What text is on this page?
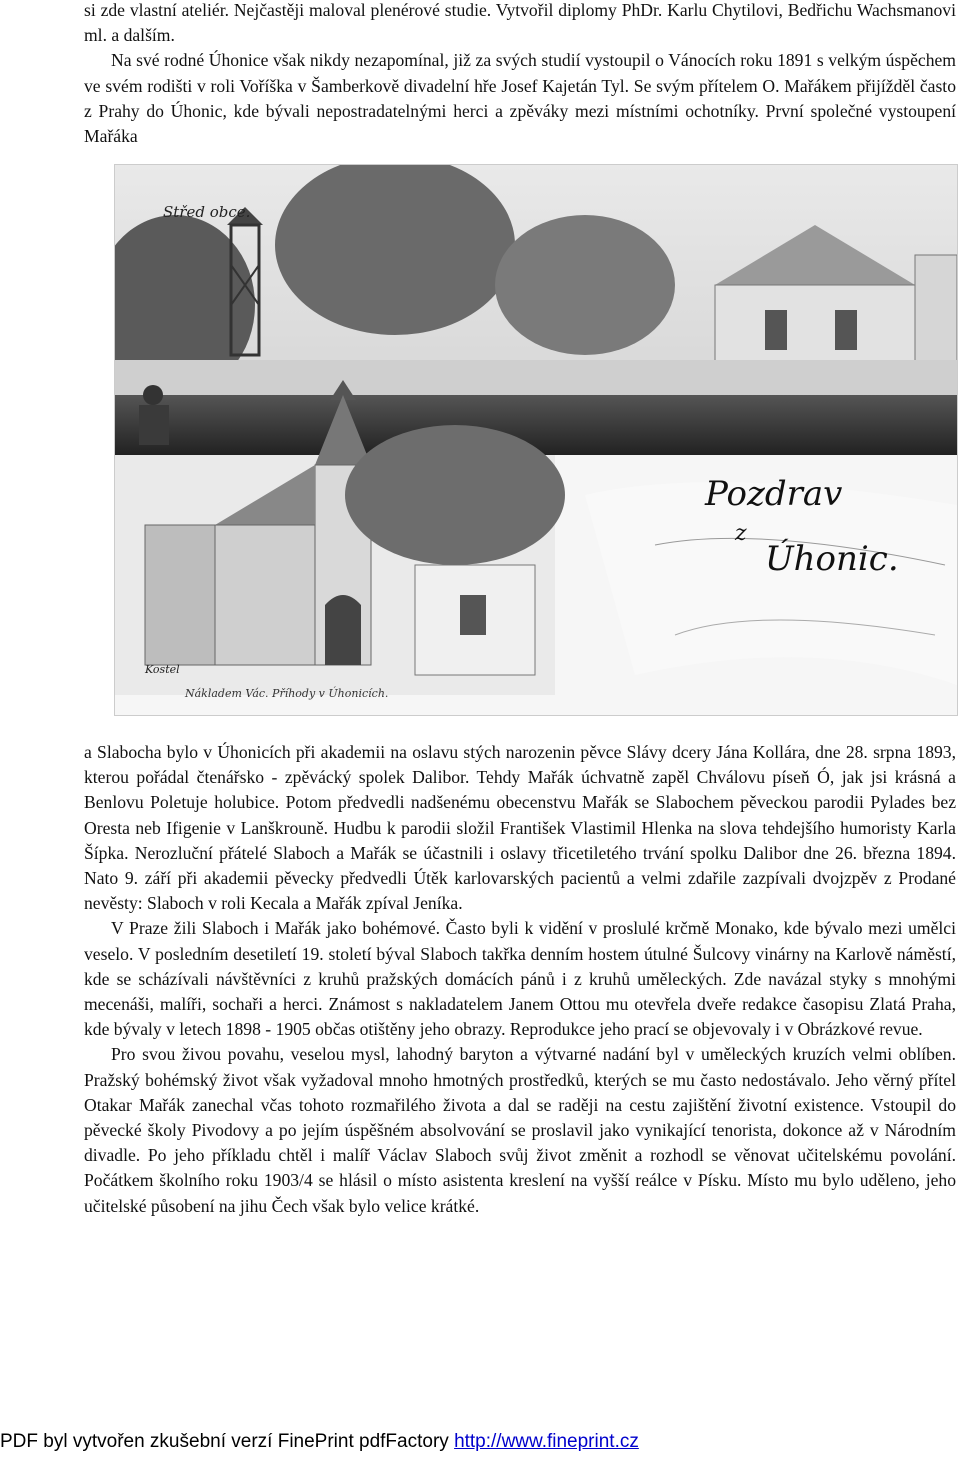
si zde vlastní ateliér. Nejčastěji maloval plenérové studie. Vytvořil diplomy PhDr. Karlu Chytilovi, Bedřichu Wachsmanovi ml. a dalším.

Na své rodné Úhonice však nikdy nezapomínal, již za svých studií vystoupil o Vánocích roku 1891 s velkým úspěchem ve svém rodišti v roli Voříška v Šamberkově divadelní hře Josef Kajetán Tyl. Se svým přítelem O. Mařákem přijížděl často z Prahy do Úhonic, kde bývali nepostradatelnými herci a zpěváky mezi místními ochotníky. První společné vystoupení Mařáka

a Slabocha bylo v Úhonicích při akademii na oslavu stých narozenin pěvce Slávy dcery Jána Kollára, dne 28. srpna 1893, kterou pořádal čtenářsko - zpěvácký spolek Dalibor. Tehdy Mařák úchvatně zapěl Chválovu píseň Ó, jak jsi krásná a Benlovu Poletuje holubice. Potom předvedli nadšenému obecenstvu Mařák se Slabochem pěveckou parodii Pylades bez Oresta neb Ifigenie v Lanškrouně. Hudbu k parodii složil František Vlastimil Hlenka na slova tehdejšího humoristy Karla Šípka. Nerozluční přátelé Slaboch a Mařák se účastnili i oslavy třicetiletého trvání spolku Dalibor dne 26. března 1894. Nato 9. září při akademii pěvecky předvedli Útěk karlovarských pacientů a velmi zdařile zazpívali dvojzpěv z Prodané nevěsty: Slaboch v roli Kecala a Mařák zpíval Jeníka.

V Praze žili Slaboch i Mařák jako bohémové. Často byli k vidění v proslulé krčmě Monako, kde bývalo mezi umělci veselo. V posledním desetiletí 19. století býval Slaboch takřka denním hostem útulné Šulcovy vinárny na Karlově náměstí, kde se scházívali návštěvníci z kruhů pražských domácích pánů i z kruhů uměleckých. Zde navázal styky s mnohými mecenáši, malíři, sochaři a herci. Známost s nakladatelem Janem Ottou mu otevřela dveře redakce časopisu Zlatá Praha, kde bývaly v letech 1898 - 1905 občas otištěny jeho obrazy. Reprodukce jeho prací se objevovaly i v Obrázkové revue.

Pro svou živou povahu, veselou mysl, lahodný baryton a výtvarné nadání byl v uměleckých kruzích velmi oblíben. Pražský bohémský život však vyžadoval mnoho hmotných prostředků, kterých se mu často nedostávalo. Jeho věrný přítel Otakar Mařák zanechal včas tohoto rozmařilého života a dal se raději na cestu zajištění životní existence. Vstoupil do pěvecké školy Pivodovy a po jejím úspěšném absolvování se proslavil jako vynikající tenorista, dokonce až v Národním divadle. Po jeho příkladu chtěl i malíř Václav Slaboch svůj život změnit a rozhodl se věnovat učitelskému povolání. Počátkem školního roku 1903/4 se hlásil o místo asistenta kreslení na vyšší reálce v Písku. Místo mu bylo uděleno, jeho učitelské působení na jihu Čech však bylo velice krátké.

Střed obce.
Kostel
Pozdrav
z
Úhonic.
Nákladem Vác. Příhody v Úhonicích.
PDF byl vytvořen zkušební verzí FinePrint pdfFactory http://www.fineprint.cz
